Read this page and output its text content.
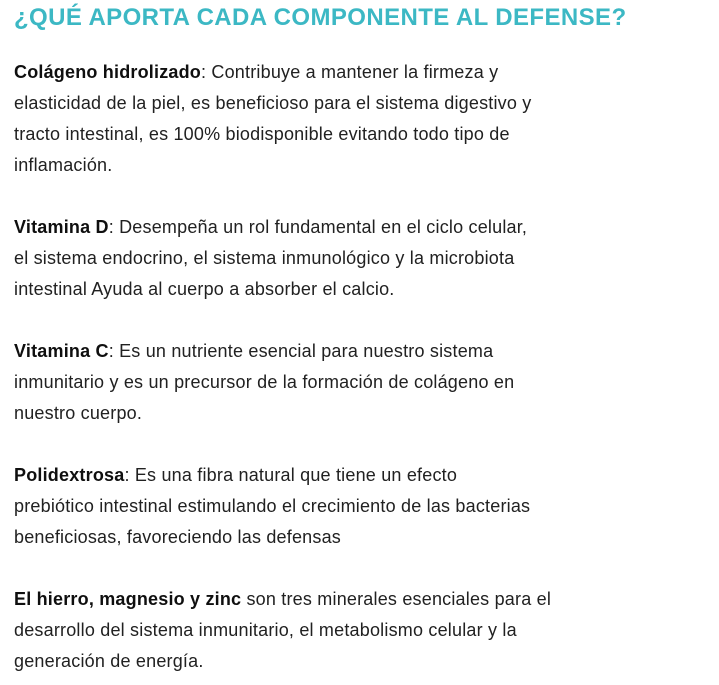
¿QUÉ APORTA CADA COMPONENTE AL DEFENSE?
Colágeno hidrolizado: Contribuye a mantener la firmeza y
elasticidad de la piel, es beneficioso para el sistema digestivo y
tracto intestinal, es 100% biodisponible evitando todo tipo de
inflamación.
Vitamina D: Desempeña un rol fundamental en el ciclo celular,
el sistema endocrino, el sistema inmunológico y la microbiota
intestinal Ayuda al cuerpo a absorber el calcio.
Vitamina C: Es un nutriente esencial para nuestro sistema
inmunitario y es un precursor de la formación de colágeno en
nuestro cuerpo.
Polidextrosa: Es una fibra natural que tiene un efecto
prebiótico intestinal estimulando el crecimiento de las bacterias
beneficiosas, favoreciendo las defensas
El hierro, magnesio y zinc son tres minerales esenciales para el
desarrollo del sistema inmunitario, el metabolismo celular y la
generación de energía.
